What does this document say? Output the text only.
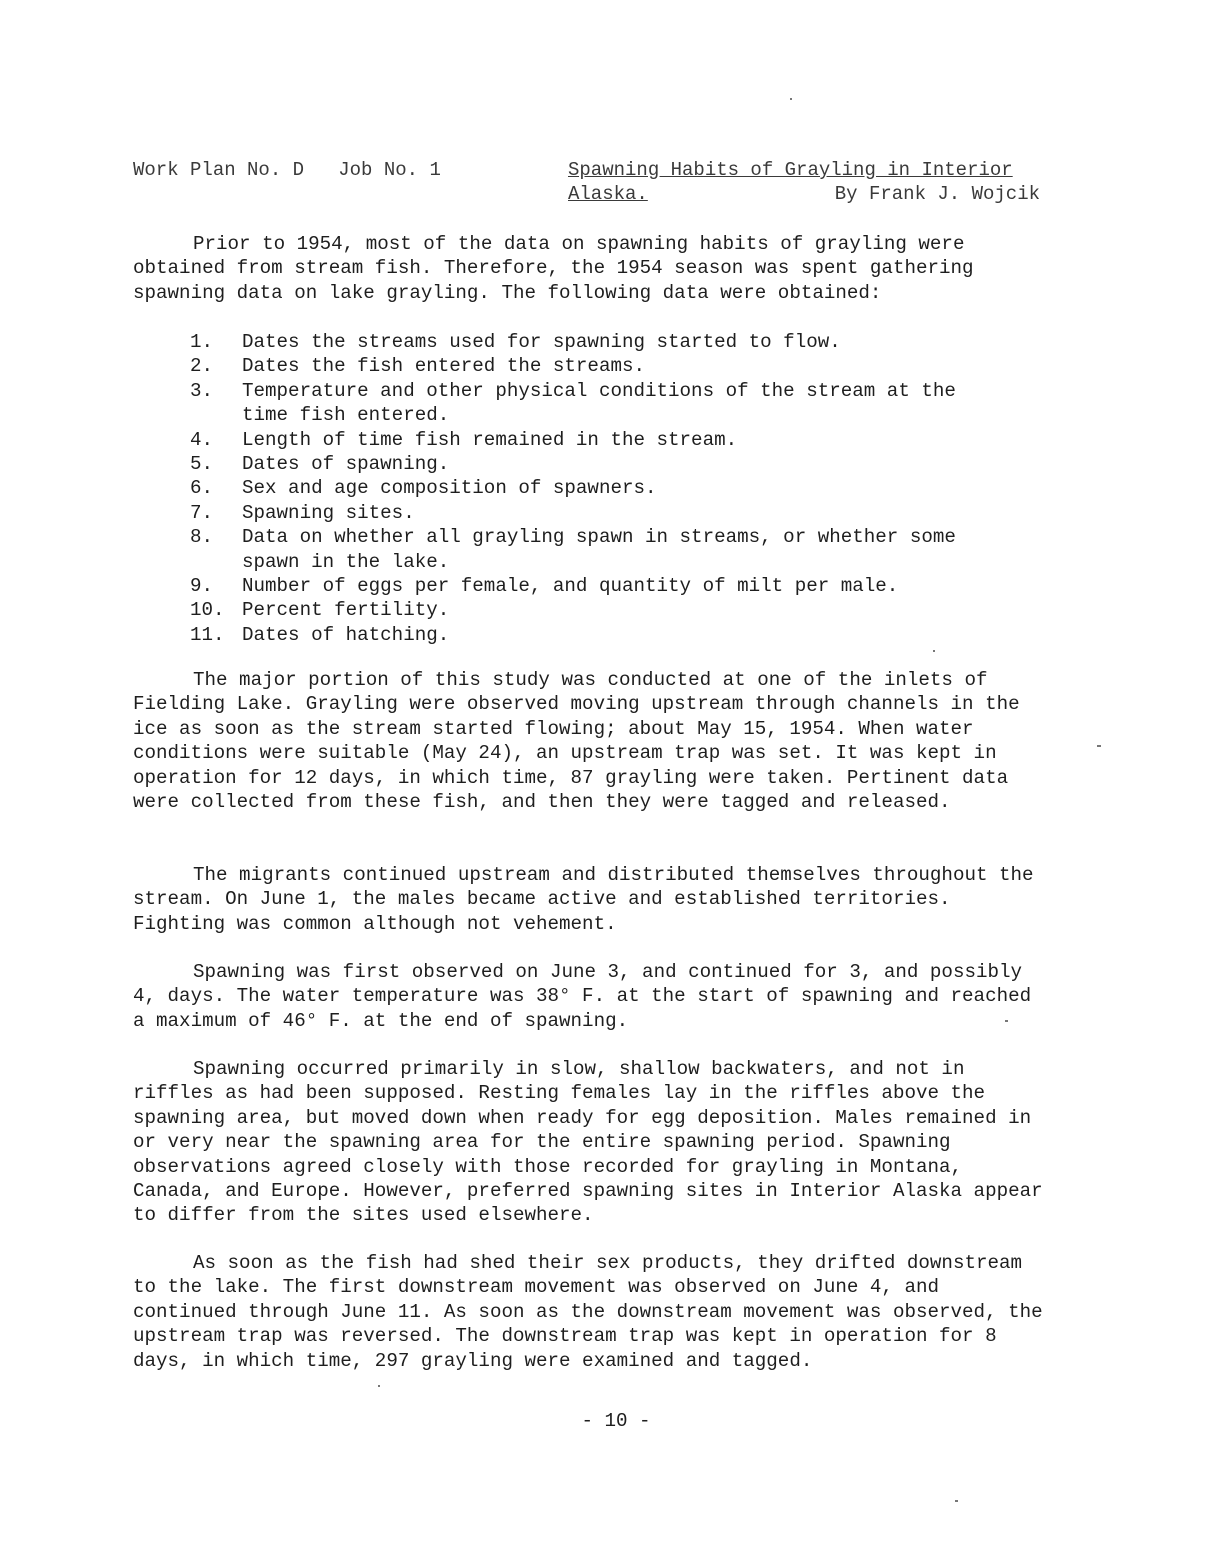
Work Plan No. D   Job No. 1	Spawning Habits of Grayling in Interior
Alaska.	By Frank J. Wojcik

Prior to 1954, most of the data on spawning habits of grayling were obtained from stream fish. Therefore, the 1954 season was spent gathering spawning data on lake grayling. The following data were obtained:

1.	Dates the streams used for spawning started to flow.
2.	Dates the fish entered the streams.
3.	Temperature and other physical conditions of the stream at the time fish entered.
4.	Length of time fish remained in the stream.
5.	Dates of spawning.
6.	Sex and age composition of spawners.
7.	Spawning sites.
8.	Data on whether all grayling spawn in streams, or whether some spawn in the lake.
9.	Number of eggs per female, and quantity of milt per male.
10. Percent fertility.
11. Dates of hatching.

The major portion of this study was conducted at one of the inlets of Fielding Lake. Grayling were observed moving upstream through channels in the ice as soon as the stream started flowing; about May 15, 1954. When water conditions were suitable (May 24), an upstream trap was set. It was kept in operation for 12 days, in which time, 87 grayling were taken. Pertinent data were collected from these fish, and then they were tagged and released.

The migrants continued upstream and distributed themselves throughout the stream. On June 1, the males became active and established territories. Fighting was common although not vehement.

Spawning was first observed on June 3, and continued for 3, and possibly 4, days. The water temperature was 38° F. at the start of spawning and reached a maximum of 46° F. at the end of spawning.

Spawning occurred primarily in slow, shallow backwaters, and not in riffles as had been supposed. Resting females lay in the riffles above the spawning area, but moved down when ready for egg deposition. Males remained in or very near the spawning area for the entire spawning period. Spawning observations agreed closely with those recorded for grayling in Montana, Canada, and Europe. However, preferred spawning sites in Interior Alaska appear to differ from the sites used elsewhere.

As soon as the fish had shed their sex products, they drifted downstream to the lake. The first downstream movement was observed on June 4, and continued through June 11. As soon as the downstream movement was observed, the upstream trap was reversed. The downstream trap was kept in operation for 8 days, in which time, 297 grayling were examined and tagged.

- 10 -
